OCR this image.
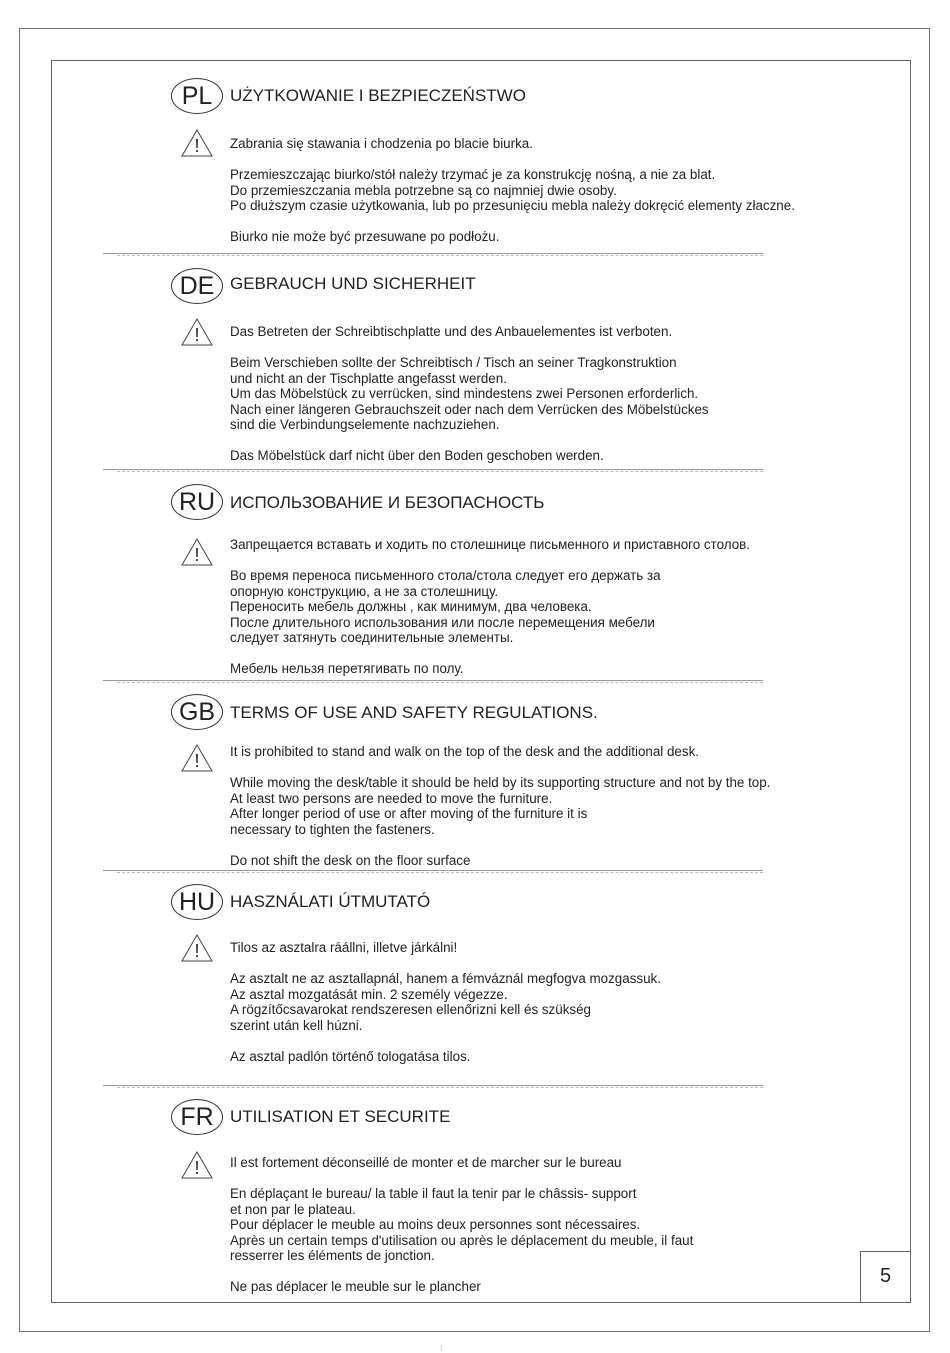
PL	UŻYTKOWANIE I BEZPIECZEŃSTWO
! Zabrania się stawania i chodzenia po blacie biurka.
Przemieszczając biurko/stół należy trzymać je za konstrukcję nośną, a nie za blat.
Do przemieszczania mebla potrzebne są co najmniej dwie osoby.
Po dłuższym czasie użytkowania, lub po przesunięciu mebla należy dokręcić elementy złaczne.
Biurko nie może być przesuwane po podłożu.
DE GEBRAUCH UND SICHERHEIT
! Das Betreten der Schreibtischplatte und des Anbauelementes ist verboten.
Beim Verschieben sollte der Schreibtisch / Tisch an seiner Tragkonstruktion
und nicht an der Tischplatte angefasst werden.
Um das Möbelstück zu verrücken, sind mindestens zwei Personen erforderlich.
Nach einer längeren Gebrauchszeit oder nach dem Verrücken des Möbelstückes
sind die Verbindungselemente nachzuziehen.
Das Möbelstück darf nicht über den Boden geschoben werden.
RU ИСПОЛЬЗОВАНИЕ И БЕЗОПАСНОСТЬ
!
Запрещается вставать и ходить по столешнице письменного и приставного столов.
Во время переноса письменного стола/стола следует его держать за
опорную конструкцию, а не за столешницу.
Переносить мебель должны , как минимум, два человека.
После длительного использования или после перемещения мебели
следует затянуть соединительные элементы.
Мебель нельзя перетягивать по полу.
GB TERMS OF USE AND SAFETY REGULATIONS.
! It is prohibited to stand and walk on the top of the desk and the additional desk.
While moving the desk/table it should be held by its supporting structure and not by the top.
At least two persons are needed to move the furniture.
After longer period of use or after moving of the furniture it is
necessary to tighten the fasteners.
Do not shift the desk on the floor surface
HU HASZNÁLATI ÚTMUTATÓ
! Tilos az asztalra ráállni, illetve járkálni!
Az asztalt ne az asztallapnál, hanem a fémváznál megfogva mozgassuk.
Az asztal mozgatását min. 2 személy végezze.
A rögzítőcsavarokat rendszeresen ellenőrizni kell és szükség
szerint után kell húzni.
Az asztal padlón történő tologatása tilos.
FR UTILISATION ET SECURITE
! Il est fortement déconseillé de monter et de marcher sur le bureau
En déplaçant le bureau/ la table il faut la tenir par le châssis- support
et non par le plateau.
Pour déplacer le meuble au moins deux personnes sont nécessaires.
Après un certain temps d'utilisation ou après le déplacement du meuble, il faut
resserrer les éléments de jonction.
Ne pas déplacer le meuble sur le plancher	5
⁝
